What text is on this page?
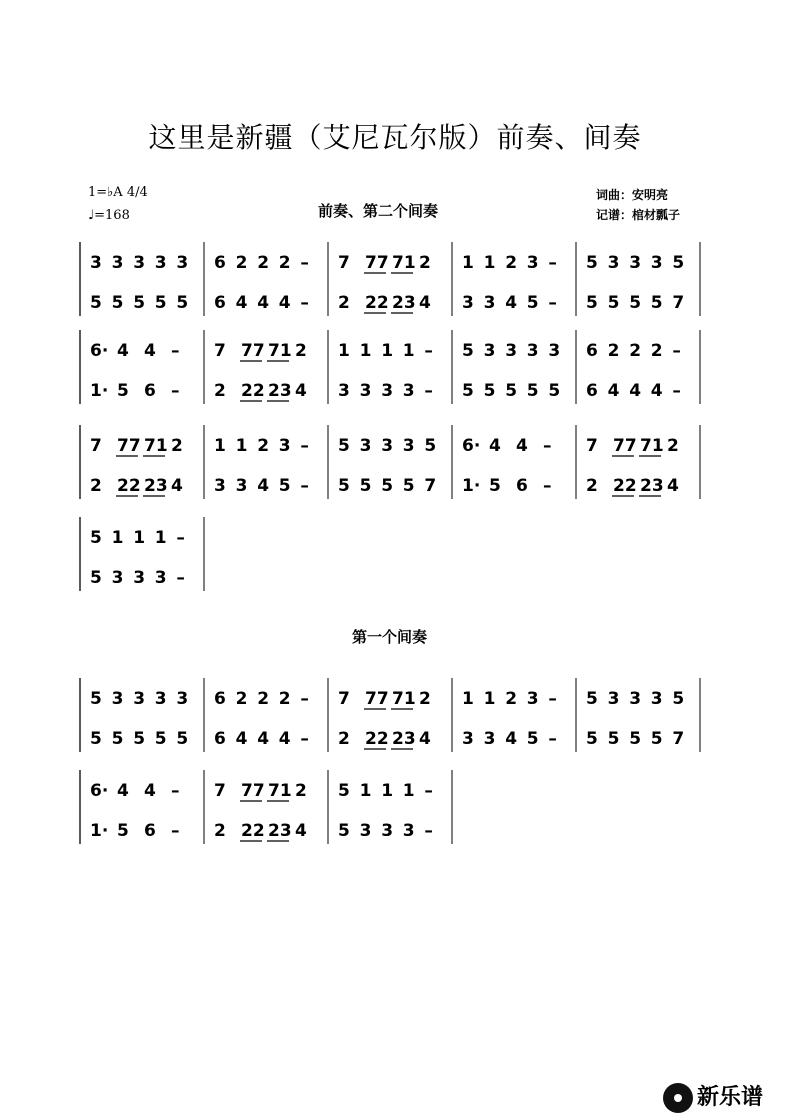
这里是新疆（艾尼瓦尔版）前奏、间奏
1=♭A 4/4
♩=168	前奏、第二个间奏
词曲：安明亮
记谱：棺材瓢子
第一个间奏
3 3 3 3 3
5 5 5 5 5
6 2 2 2 –
6 4 4 4 –
7 77 71 2
2 22 23 4
1 1 2 3 –
3 3 4 5 –
5 3 3 3 5
5 5 5 5 7
6· 4 4 –
1· 5 6 –
7 77 71 2
2 22 23 4
1 1 1 1 –
3 3 3 3 –
5 3 3 3 3
5 5 5 5 5
6 2 2 2 –
6 4 4 4 –
7 77 71 2
2 22 23 4
1 1 2 3 –
3 3 4 5 –
5 3 3 3 5
5 5 5 5 7
6· 4 4 –
1· 5 6 –
7 77 71 2
2 22 23 4
5 1 1 1 –
5 3 3 3 –
5 3 3 3 3
5 5 5 5 5
6 2 2 2 –
6 4 4 4 –
7 77 71 2
2 22 23 4
1 1 2 3 –
3 3 4 5 –
5 3 3 3 5
5 5 5 5 7
6· 4 4 –
1· 5 6 –
7 77 71 2
2 22 23 4
5 1 1 1 –
5 3 3 3 –
新乐谱
